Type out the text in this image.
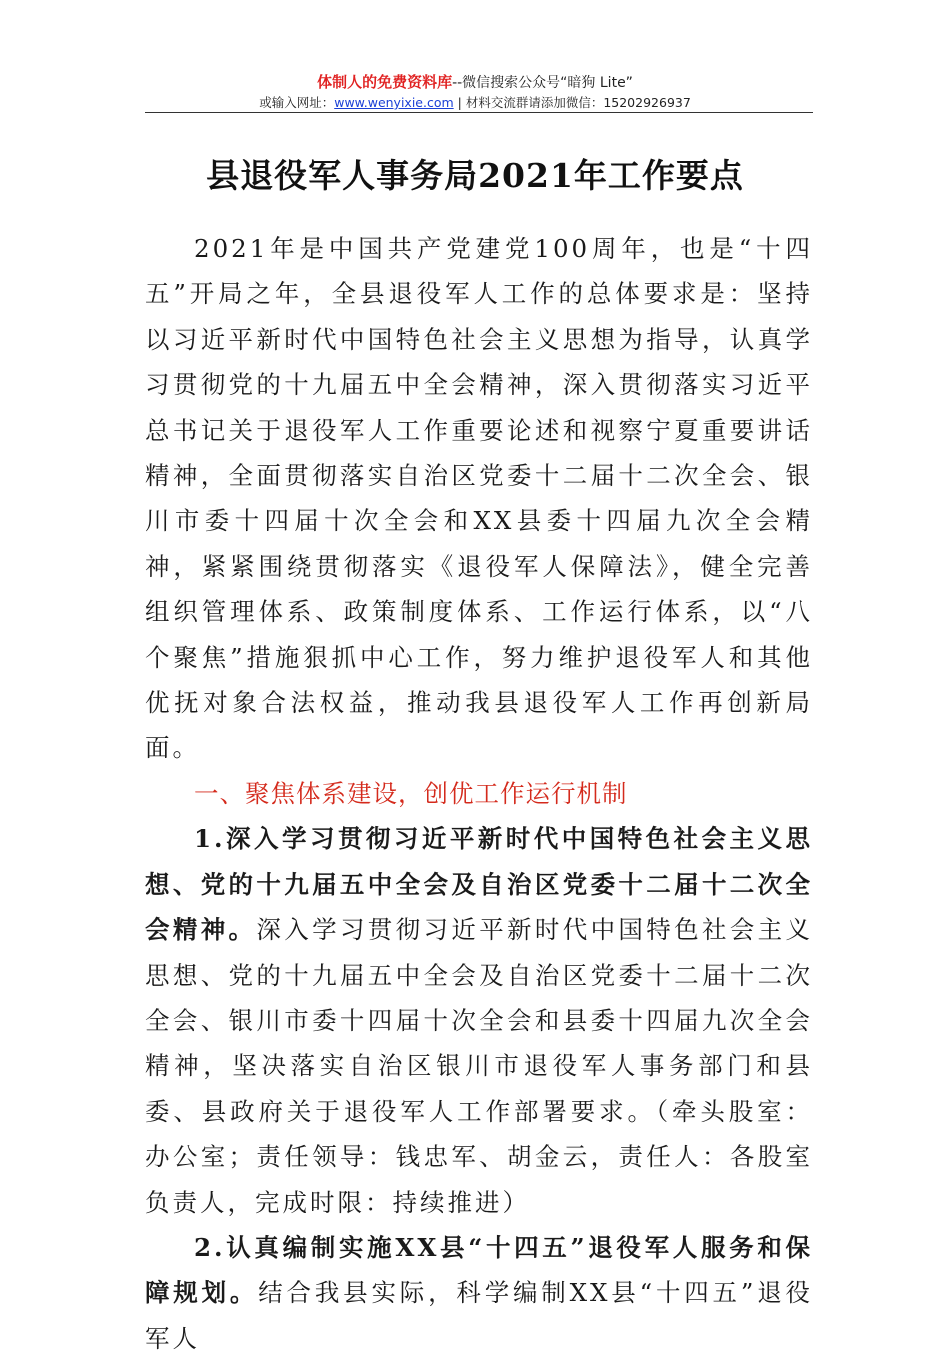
体制人的免费资料库--微信搜索公众号“暗狗 Lite”
或输入网址：www.wenyixie.com | 材料交流群请添加微信：15202926937
县退役军人事务局2021年工作要点

2021年是中国共产党建党100周年，也是“十四五”开局之年，全县退役军人工作的总体要求是：坚持以习近平新时代中国特色社会主义思想为指导，认真学习贯彻党的十九届五中全会精神，深入贯彻落实习近平总书记关于退役军人工作重要论述和视察宁夏重要讲话精神，全面贯彻落实自治区党委十二届十二次全会、银川市委十四届十次全会和XX县委十四届九次全会精神，紧紧围绕贯彻落实《退役军人保障法》，健全完善组织管理体系、政策制度体系、工作运行体系，以“八个聚焦”措施狠抓中心工作，努力维护退役军人和其他优抚对象合法权益，推动我县退役军人工作再创新局面。

一、聚焦体系建设，创优工作运行机制

1.深入学习贯彻习近平新时代中国特色社会主义思想、党的十九届五中全会及自治区党委十二届十二次全会精神。深入学习贯彻习近平新时代中国特色社会主义思想、党的十九届五中全会及自治区党委十二届十二次全会、银川市委十四届十次全会和县委十四届九次全会精神，坚决落实自治区银川市退役军人事务部门和县委、县政府关于退役军人工作部署要求。（牵头股室：办公室；责任领导：钱忠军、胡金云，责任人：各股室负责人，完成时限：持续推进）

2.认真编制实施XX县“十四五”退役军人服务和保障规划。结合我县实际，科学编制XX县“十四五”退役军人
